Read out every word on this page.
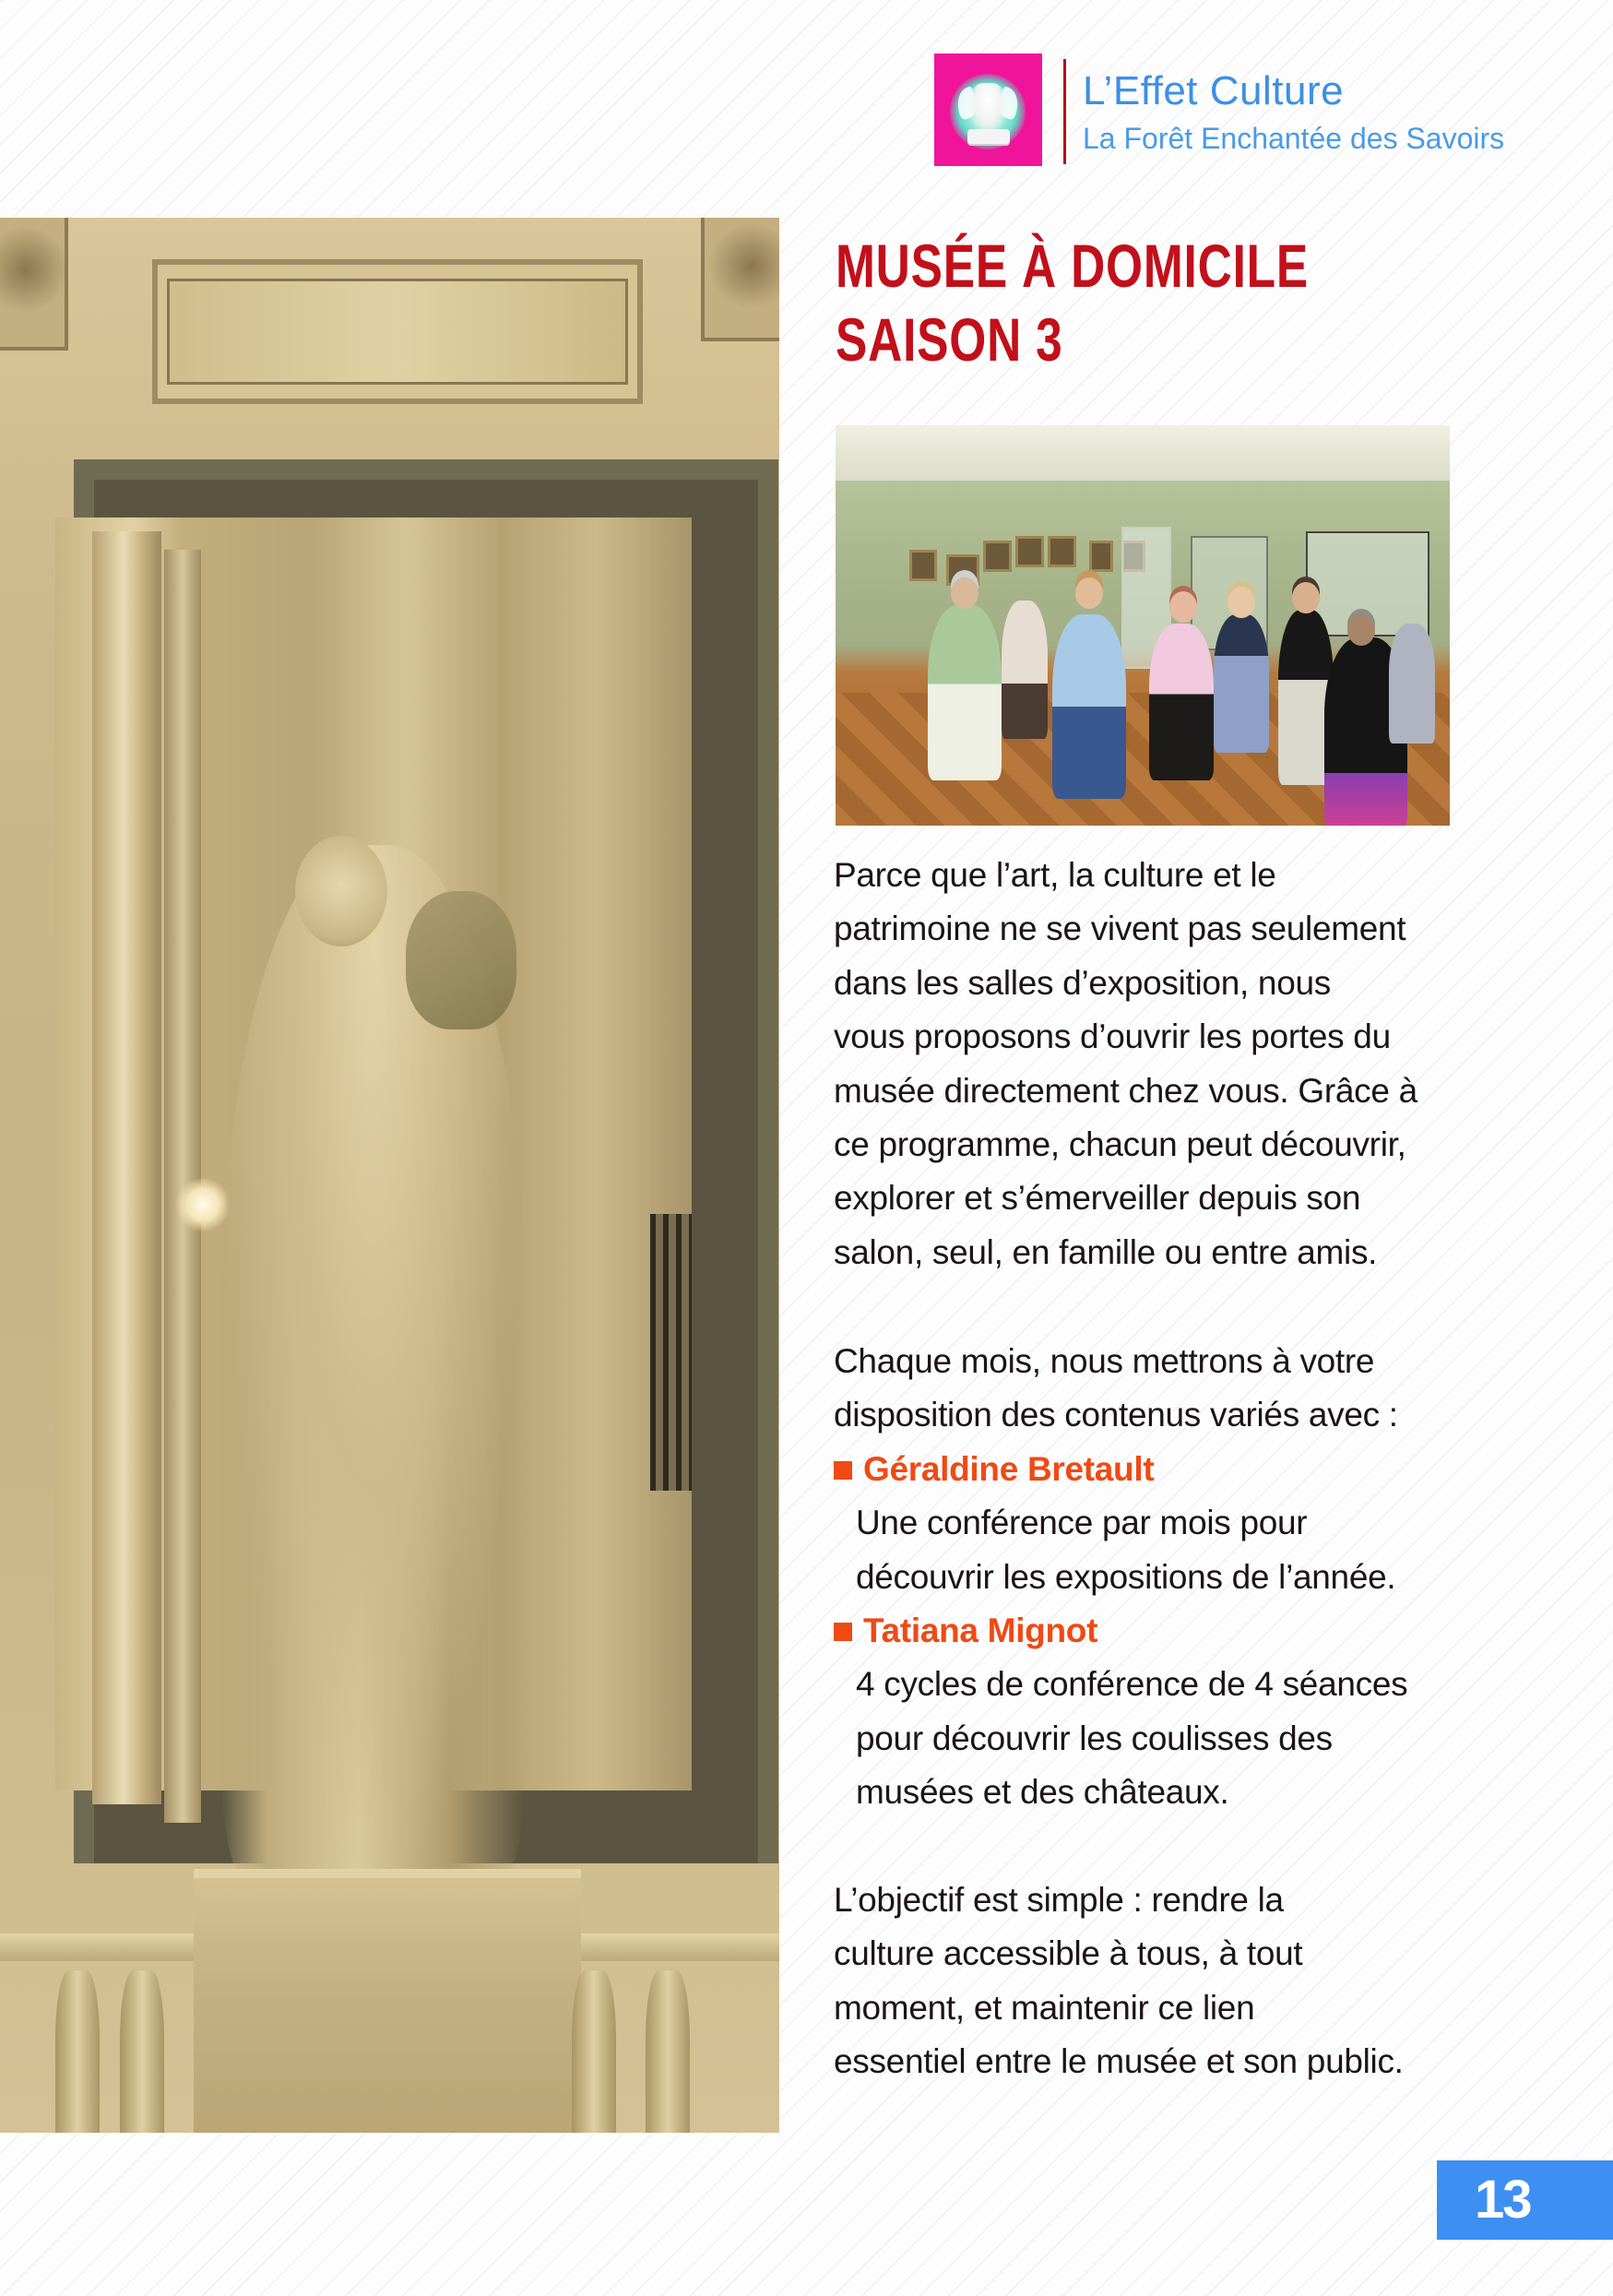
L’Effet Culture
La Forêt Enchantée des Savoirs
MUSÉE À DOMICILE
SAISON 3

Parce que l’art, la culture et le

patrimoine ne se vivent pas seulement

dans les salles d’exposition, nous

vous proposons d’ouvrir les portes du

musée directement chez vous. Grâce à

ce programme, chacun peut découvrir,

explorer et s’émerveiller depuis son

salon, seul, en famille ou entre amis.

Chaque mois, nous mettrons à votre

disposition des contenus variés avec :

Géraldine Bretault

Une conférence par mois pour

découvrir les expositions de l’année.

Tatiana Mignot

4 cycles de conférence de 4 séances

pour découvrir les coulisses des

musées et des châteaux.

L’objectif est simple : rendre la

culture accessible à tous, à tout

moment, et maintenir ce lien

essentiel entre le musée et son public.

13
